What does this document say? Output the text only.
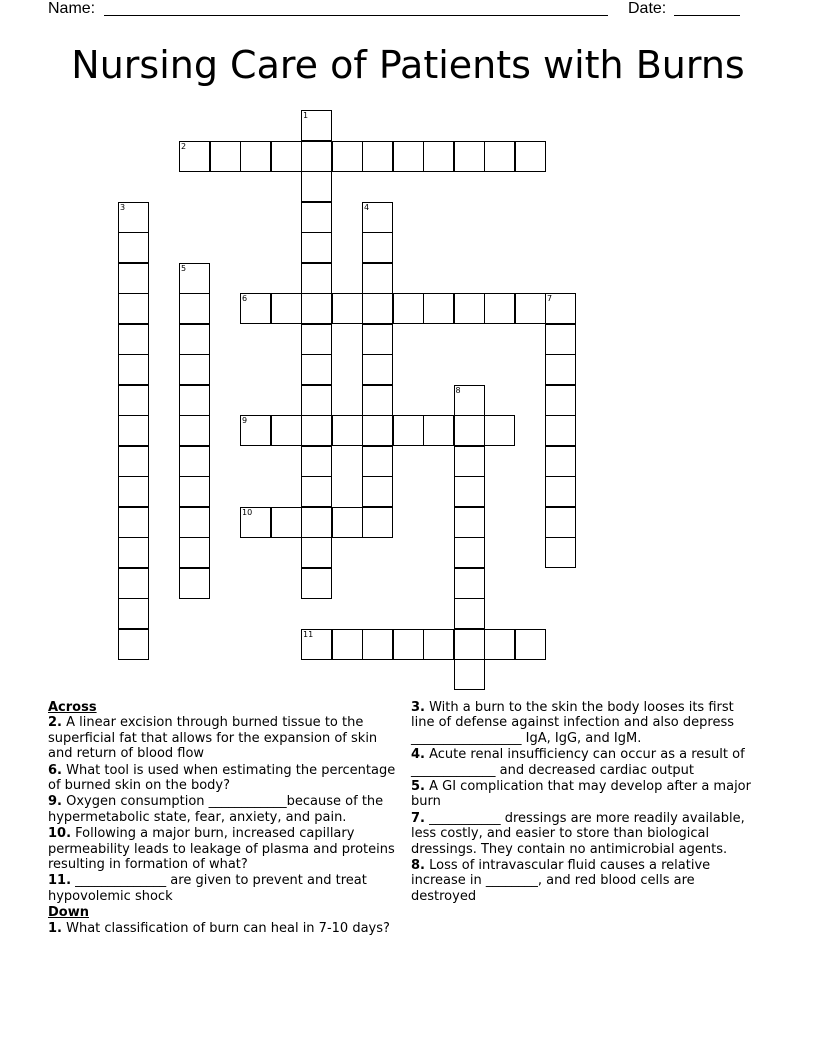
Name:	Date:
Nursing Care of Patients with Burns
1
2
3	4
5
6	7
8
9
10
11
Across
2. A linear excision through burned tissue to the superficial fat that allows for the expansion of skin and return of blood flow
6. What tool is used when estimating the percentage of burned skin on the body?
9. Oxygen consumption ____________because of the hypermetabolic state, fear, anxiety, and pain.
10. Following a major burn, increased capillary permeability leads to leakage of plasma and proteins resulting in formation of what?
11. ______________ are given to prevent and treat hypovolemic shock
Down
1. What classification of burn can heal in 7-10 days?
3. With a burn to the skin the body looses its first line of defense against infection and also depress _________________ IgA, IgG, and IgM.
4. Acute renal insufficiency can occur as a result of _____________ and decreased cardiac output
5. A GI complication that may develop after a major burn
7. ___________ dressings are more readily available, less costly, and easier to store than biological dressings. They contain no antimicrobial agents.
8. Loss of intravascular fluid causes a relative increase in ________, and red blood cells are destroyed
